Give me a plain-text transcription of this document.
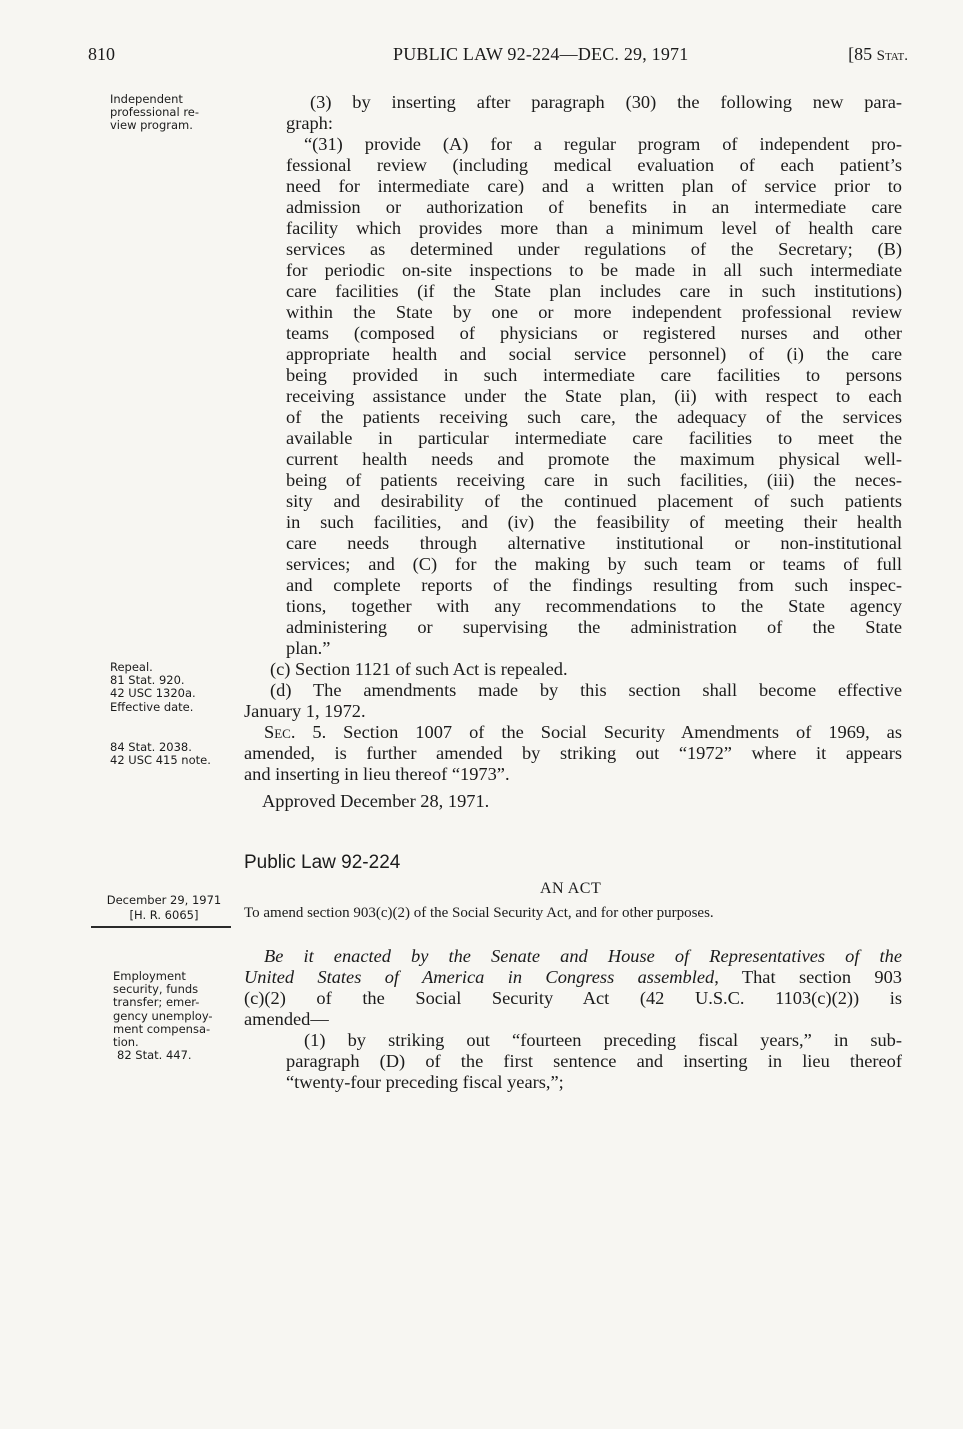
810	PUBLIC LAW 92-224—DEC. 29, 1971	[85 Stat.
Independent
professional re-
view program.
Repeal.
81 Stat. 920.
42 USC 1320a.
Effective date.
84 Stat. 2038.
42 USC 415 note.
December 29, 1971
[H. R. 6065]
Employment
security, funds
transfer; emer-
gency unemploy-
ment compensa-
tion.
82 Stat. 447.
(3) by inserting after paragraph (30) the following new para-
graph:
“(31) provide (A) for a regular program of independent pro-
fessional review (including medical evaluation of each patient’s
need for intermediate care) and a written plan of service prior to
admission or authorization of benefits in an intermediate care
facility which provides more than a minimum level of health care
services as determined under regulations of the Secretary; (B)
for periodic on-site inspections to be made in all such intermediate
care facilities (if the State plan includes care in such institutions)
within the State by one or more independent professional review
teams (composed of physicians or registered nurses and other
appropriate health and social service personnel) of (i) the care
being provided in such intermediate care facilities to persons
receiving assistance under the State plan, (ii) with respect to each
of the patients receiving such care, the adequacy of the services
available in particular intermediate care facilities to meet the
current health needs and promote the maximum physical well-
being of patients receiving care in such facilities, (iii) the neces-
sity and desirability of the continued placement of such patients
in such facilities, and (iv) the feasibility of meeting their health
care needs through alternative institutional or non-institutional
services; and (C) for the making by such team or teams of full
and complete reports of the findings resulting from such inspec-
tions, together with any recommendations to the State agency
administering or supervising the administration of the State
plan.”
(c) Section 1121 of such Act is repealed.
(d) The amendments made by this section shall become effective
January 1, 1972.
Sec. 5. Section 1007 of the Social Security Amendments of 1969, as
amended, is further amended by striking out “1972” where it appears
and inserting in lieu thereof “1973”.
Approved December 28, 1971.
Public Law 92-224
AN ACT
To amend section 903(c)(2) of the Social Security Act, and for other purposes.
Be it enacted by the Senate and House of Representatives of the
United States of America in Congress assembled, That section 903
(c)(2) of the Social Security Act (42 U.S.C. 1103(c)(2)) is
amended—
(1) by striking out “fourteen preceding fiscal years,” in sub-
paragraph (D) of the first sentence and inserting in lieu thereof
“twenty-four preceding fiscal years,”;
